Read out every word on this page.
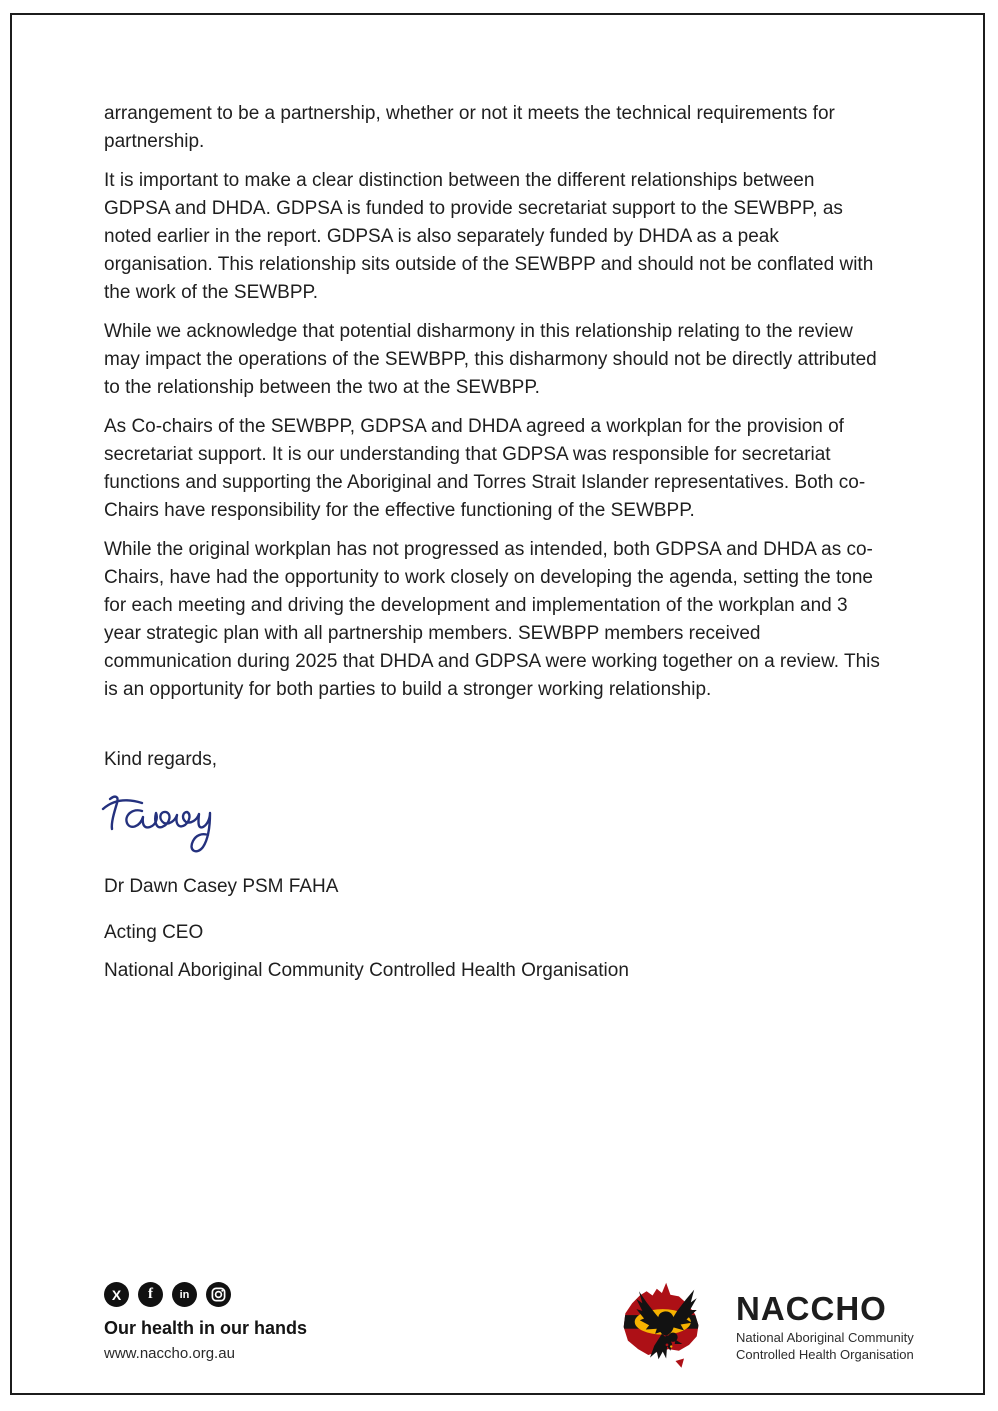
arrangement to be a partnership, whether or not it meets the technical requirements for partnership.

It is important to make a clear distinction between the different relationships between GDPSA and DHDA. GDPSA is funded to provide secretariat support to the SEWBPP, as noted earlier in the report. GDPSA is also separately funded by DHDA as a peak organisation. This relationship sits outside of the SEWBPP and should not be conflated with the work of the SEWBPP.

While we acknowledge that potential disharmony in this relationship relating to the review may impact the operations of the SEWBPP, this disharmony should not be directly attributed to the relationship between the two at the SEWBPP.

As Co-chairs of the SEWBPP, GDPSA and DHDA agreed a workplan for the provision of secretariat support. It is our understanding that GDPSA was responsible for secretariat functions and supporting the Aboriginal and Torres Strait Islander representatives. Both co-Chairs have responsibility for the effective functioning of the SEWBPP.

While the original workplan has not progressed as intended, both GDPSA and DHDA as co-Chairs, have had the opportunity to work closely on developing the agenda, setting the tone for each meeting and driving the development and implementation of the workplan and 3 year strategic plan with all partnership members. SEWBPP members received communication during 2025 that DHDA and GDPSA were working together on a review. This is an opportunity for both parties to build a stronger working relationship.

Kind regards,

Dr Dawn Casey PSM FAHA

Acting CEO

National Aboriginal Community Controlled Health Organisation

X f in
Our health in our hands
www.naccho.org.au
NACCHO
National Aboriginal Community
Controlled Health Organisation
